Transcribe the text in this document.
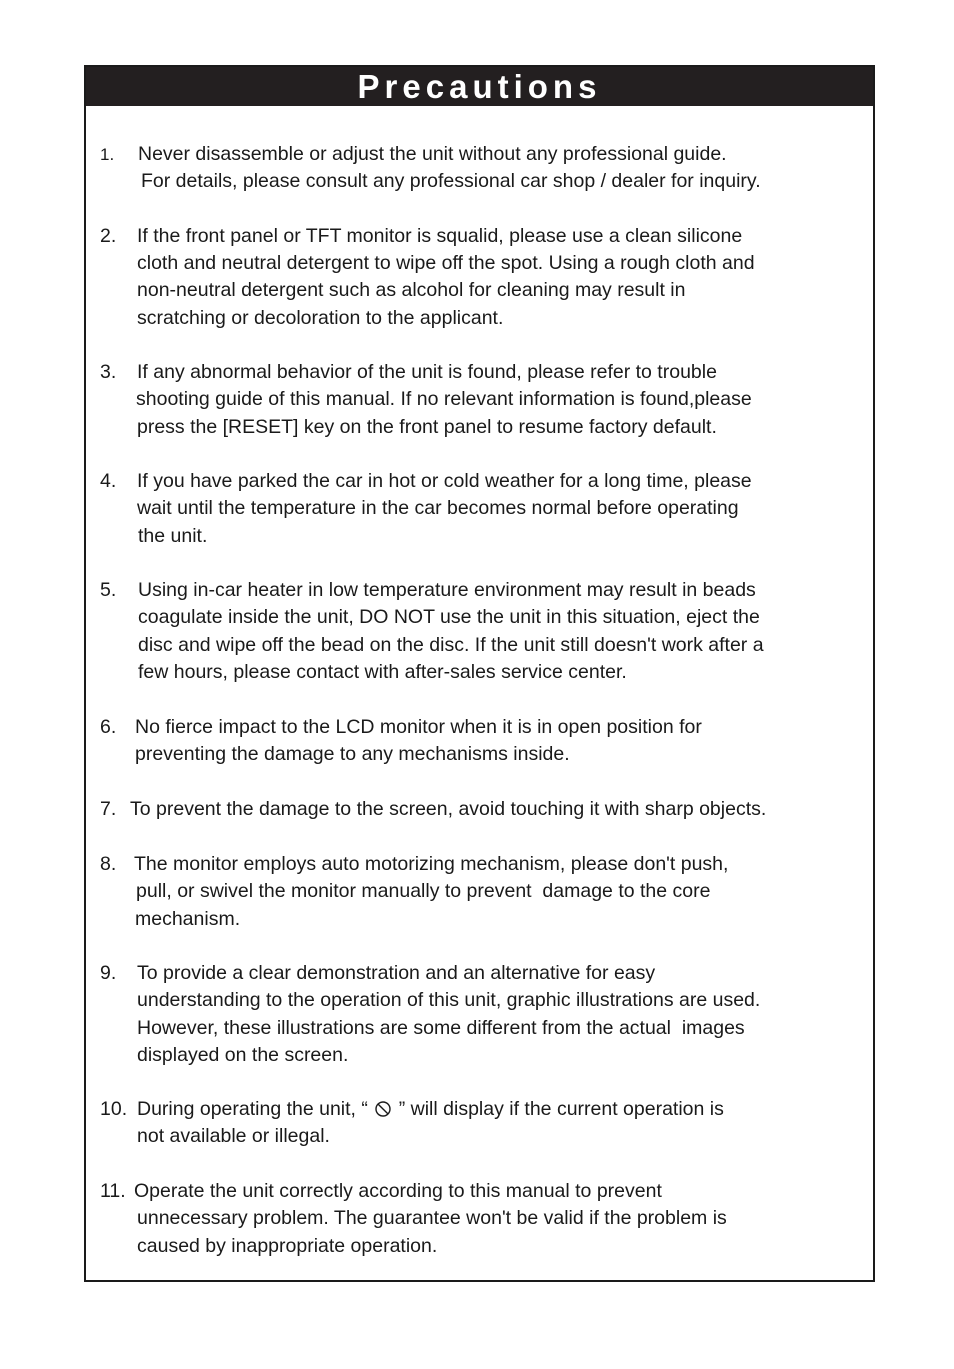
Precautions
1. Never disassemble or adjust the unit without any professional guide.
For details, please consult any professional car shop / dealer for inquiry.
2. If the front panel or TFT monitor is squalid, please use a clean silicone
cloth and neutral detergent to wipe off the spot. Using a rough cloth and
non-neutral detergent such as alcohol for cleaning may result in
scratching or decoloration to the applicant.
3. If any abnormal behavior of the unit is found, please refer to trouble
shooting guide of this manual. If no relevant information is found,please
press the [RESET] key on the front panel to resume factory default.
4. If you have parked the car in hot or cold weather for a long time, please
wait until the temperature in the car becomes normal before operating
the unit.
5. Using in-car heater in low temperature environment may result in beads
coagulate inside the unit, DO NOT use the unit in this situation, eject the
disc and wipe off the bead on the disc. If the unit still doesn't work after a
few hours, please contact with after-sales service center.
6. No fierce impact to the LCD monitor when it is in open position for
preventing the damage to any mechanisms inside.
7. To prevent the damage to the screen, avoid touching it with sharp objects.
8. The monitor employs auto motorizing mechanism, please don't push,
pull, or swivel the monitor manually to prevent  damage to the core
mechanism.
9. To provide a clear demonstration and an alternative for easy
understanding to the operation of this unit, graphic illustrations are used.
However, these illustrations are some different from the actual  images
displayed on the screen.
10. During operating the unit, “  ” will display if the current operation is
not available or illegal.
11. Operate the unit correctly according to this manual to prevent
unnecessary problem. The guarantee won't be valid if the problem is
caused by inappropriate operation.
